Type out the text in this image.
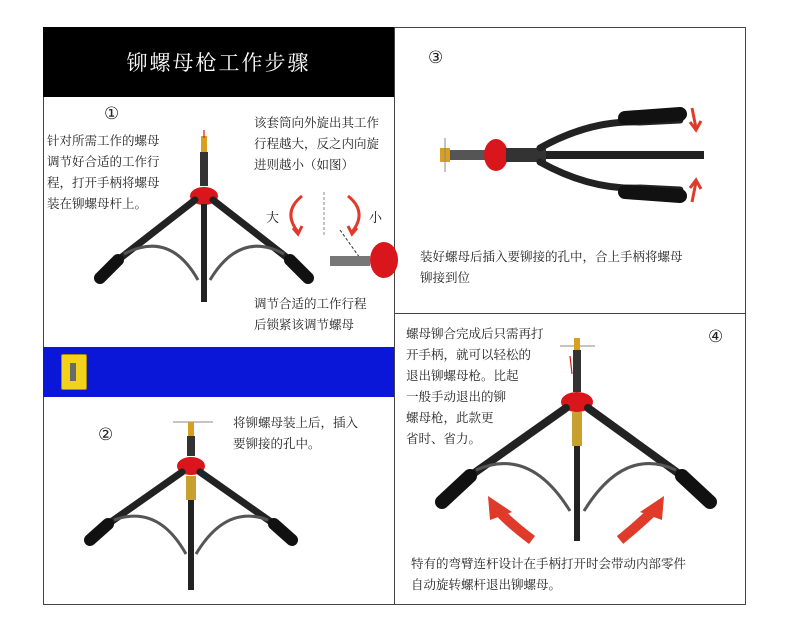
铆螺母枪工作步骤
①
针对所需工作的螺母
调节好合适的工作行
程，打开手柄将螺母
装在铆螺母杆上。
该套筒向外旋出其工作
行程越大，反之内向旋
进则越小（如图）
调节合适的工作行程
后锁紧该调节螺母
大	小
②
将铆螺母装上后，插入
要铆接的孔中。
③
装好螺母后插入要铆接的孔中，合上手柄将螺母
铆接到位
④
螺母铆合完成后只需再打
开手柄，就可以轻松的
退出铆螺母枪。比起
一般手动退出的铆
螺母枪，此款更
省时、省力。
特有的弯臂连杆设计在手柄打开时会带动内部零件
自动旋转螺杆退出铆螺母。
